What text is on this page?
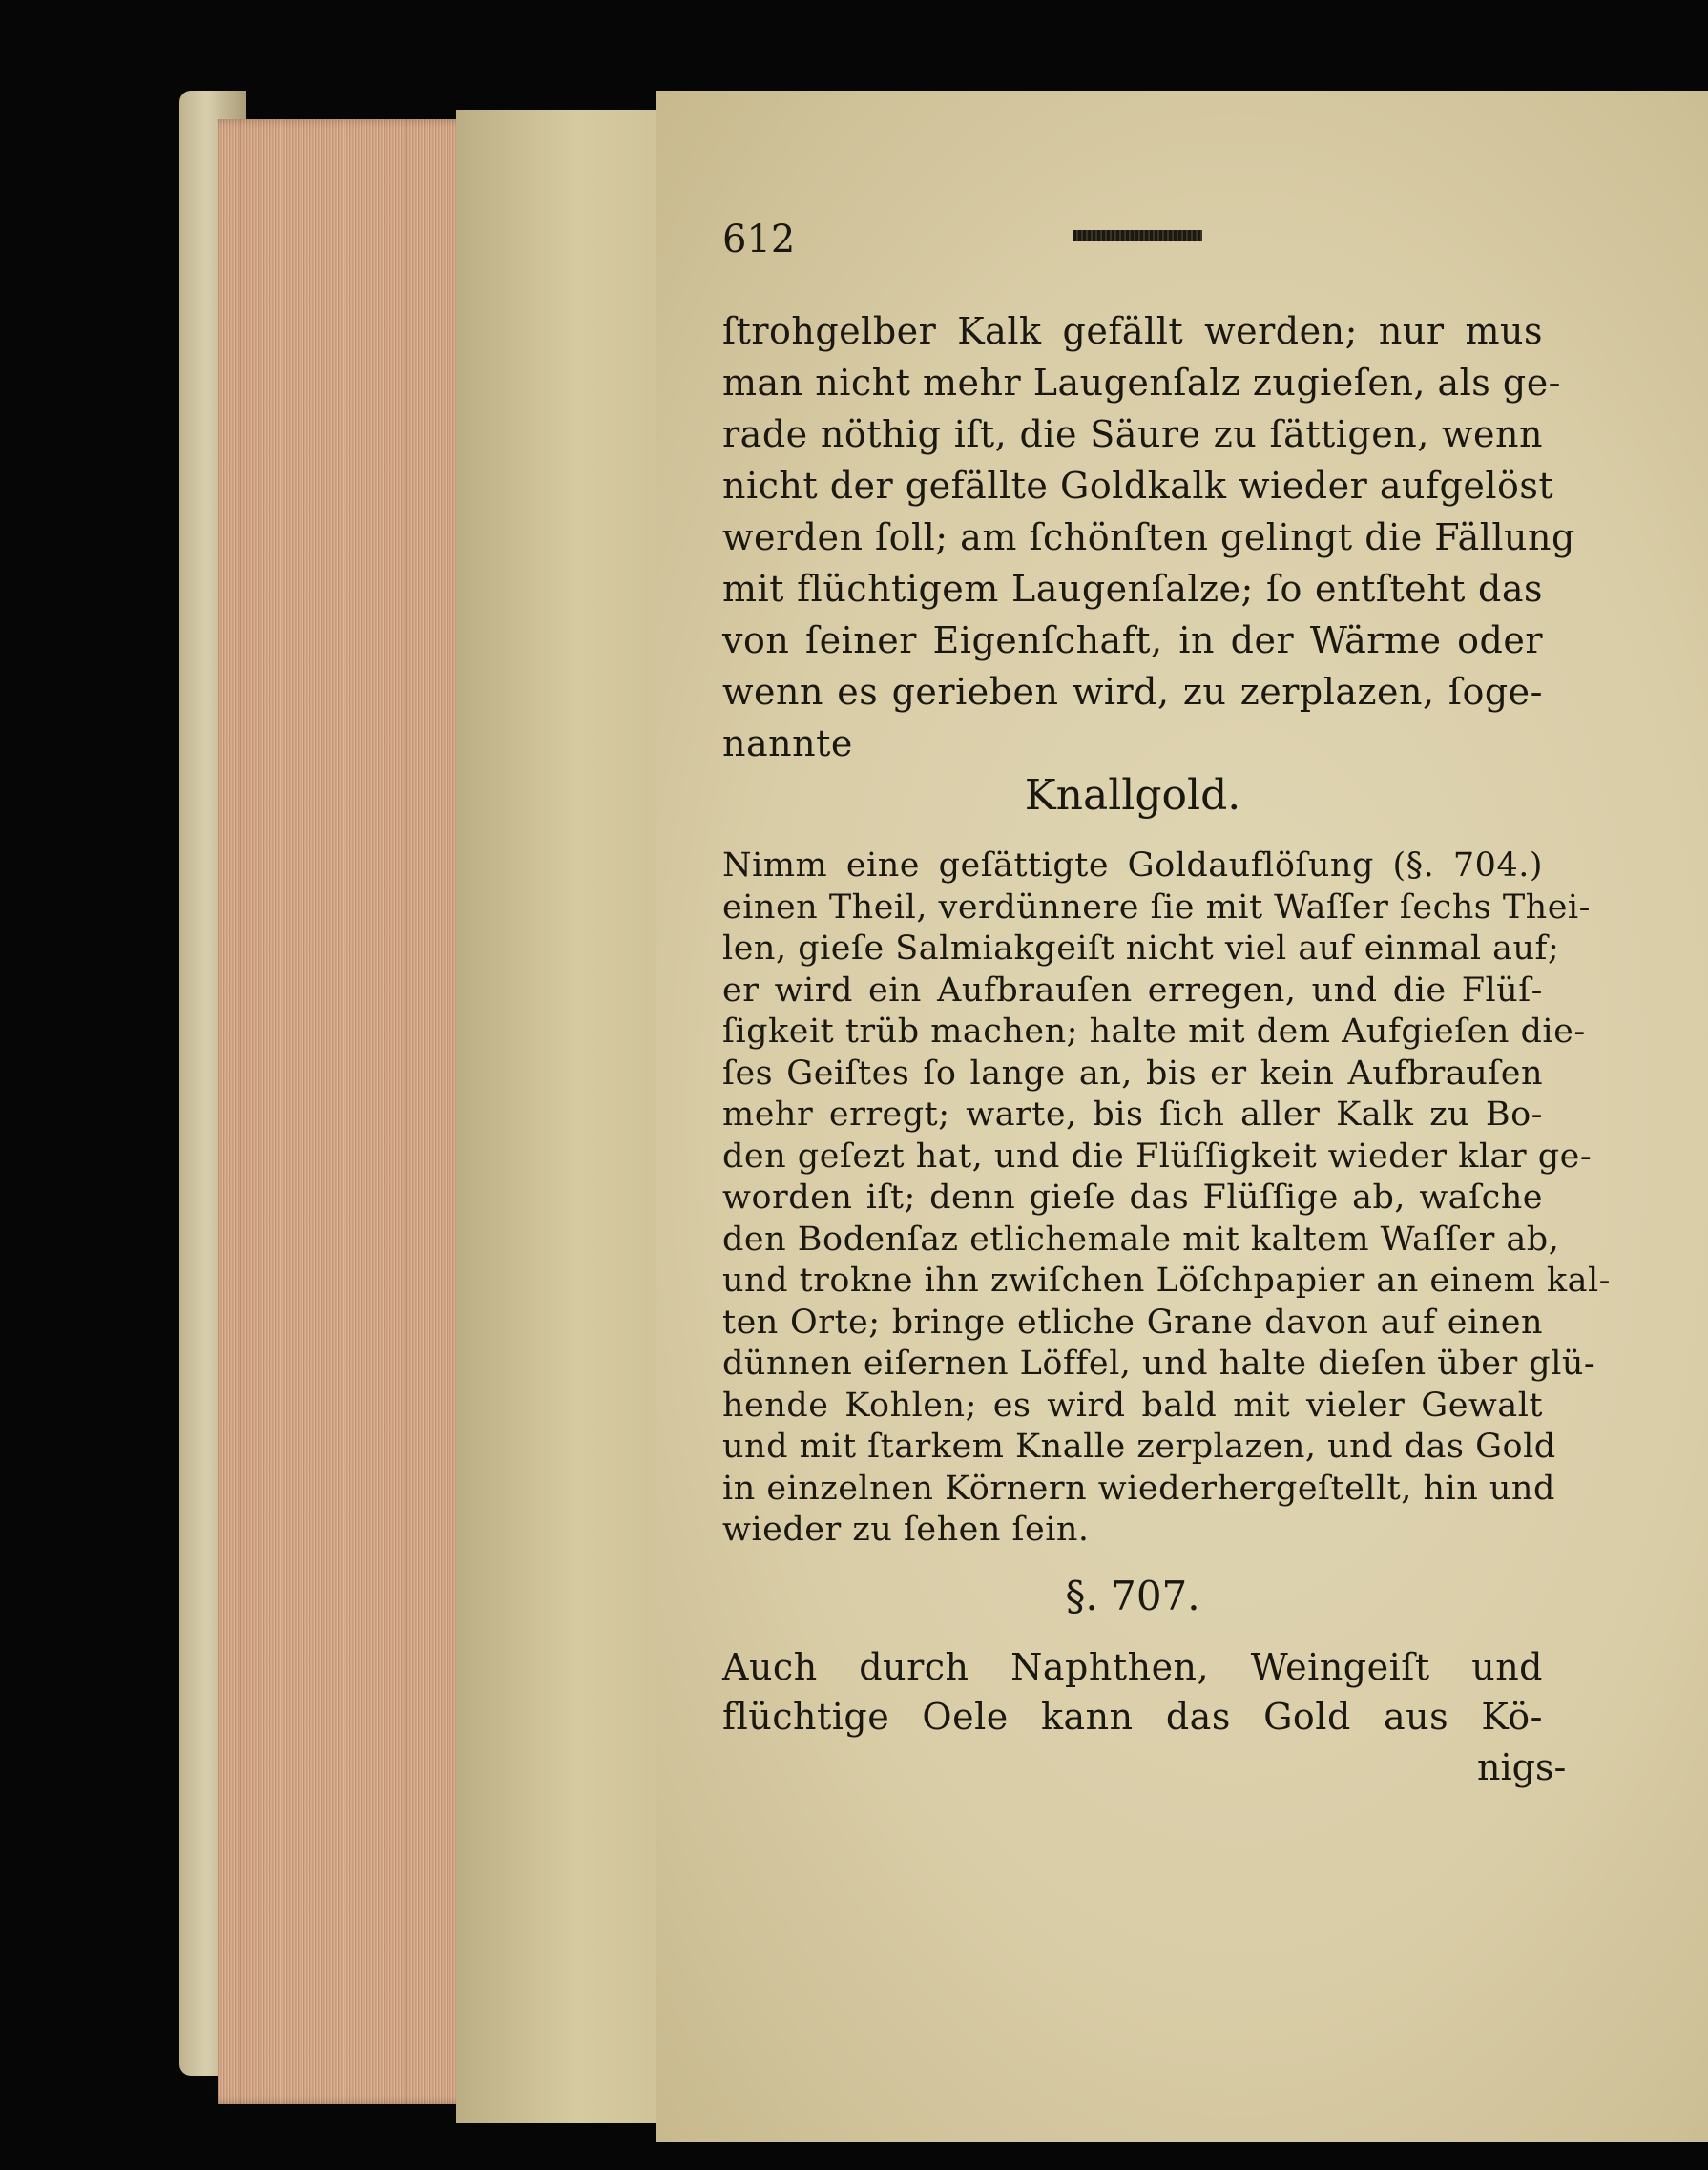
612
ſtrohgelber Kalk gefällt werden; nur mus
man nicht mehr Laugenſalz zugieſen, als ge-
rade nöthig iſt, die Säure zu ſättigen, wenn
nicht der gefällte Goldkalk wieder aufgelöst
werden ſoll; am ſchönſten gelingt die Fällung
mit flüchtigem Laugenſalze; ſo entſteht das
von ſeiner Eigenſchaft, in der Wärme oder
wenn es gerieben wird, zu zerplazen, ſoge-
nannte
Knallgold.
Nimm eine geſättigte Goldauflöſung (§. 704.)
einen Theil, verdünnere ſie mit Waſſer ſechs Thei-
len, gieſe Salmiakgeiſt nicht viel auf einmal auf;
er wird ein Aufbrauſen erregen, und die Flüſ-
ſigkeit trüb machen; halte mit dem Aufgieſen die-
ſes Geiſtes ſo lange an, bis er kein Aufbrauſen
mehr erregt; warte, bis ſich aller Kalk zu Bo-
den geſezt hat, und die Flüſſigkeit wieder klar ge-
worden iſt; denn gieſe das Flüſſige ab, waſche
den Bodenſaz etlichemale mit kaltem Waſſer ab,
und trokne ihn zwiſchen Löſchpapier an einem kal-
ten Orte; bringe etliche Grane davon auf einen
dünnen eiſernen Löffel, und halte dieſen über glü-
hende Kohlen; es wird bald mit vieler Gewalt
und mit ſtarkem Knalle zerplazen, und das Gold
in einzelnen Körnern wiederhergeſtellt, hin und
wieder zu ſehen ſein.
§. 707.
Auch durch Naphthen, Weingeiſt und
flüchtige Oele kann das Gold aus Kö-
nigs-
